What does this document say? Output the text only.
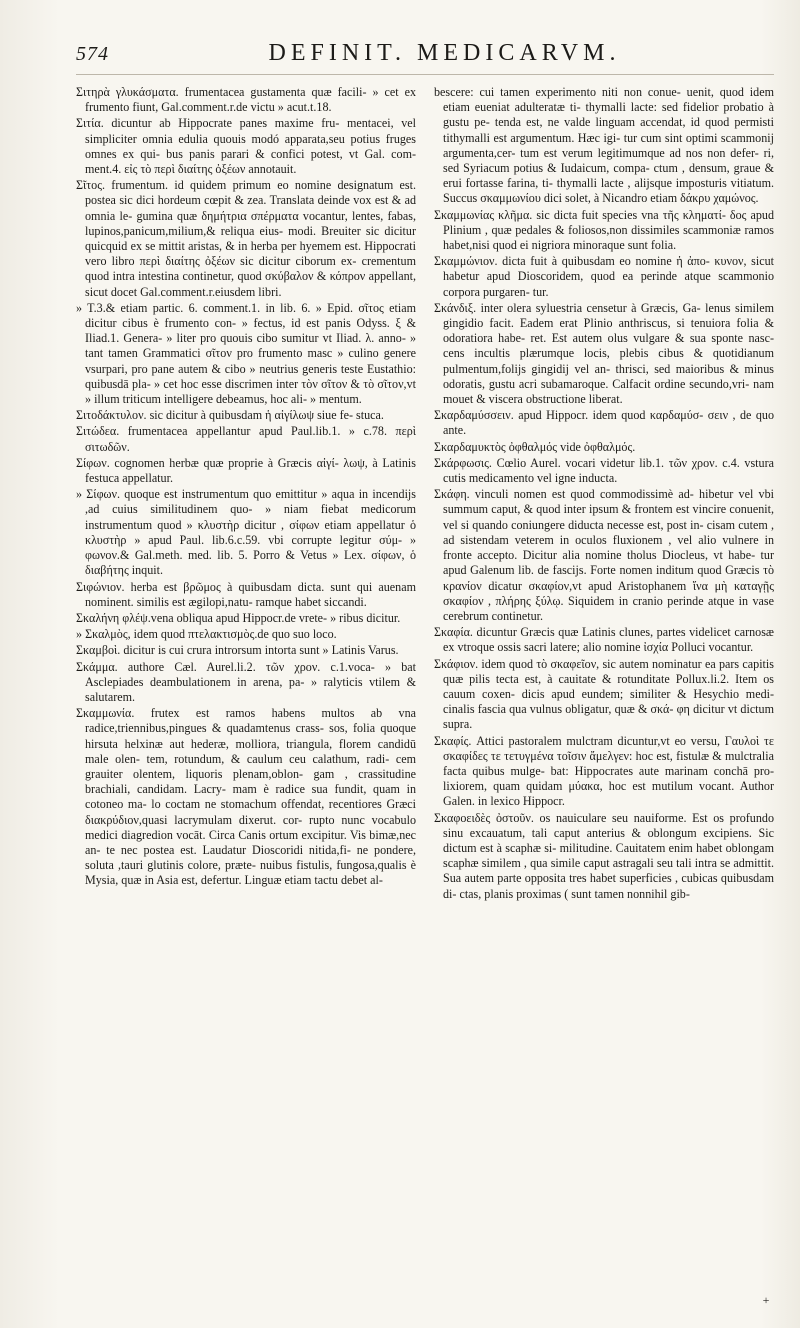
574	DEFINIT. MEDICARVM.

Σιτηρὰ γλυκάσματα. frumentacea gustamenta quæ facili- » cet ex frumento fiunt, Gal.comment.r.de victu » acut.t.18.

Σιτία. dicuntur ab Hippocrate panes maxime fru- mentacei, vel simpliciter omnia edulia quouis modó apparata,seu potius fruges omnes ex qui- bus panis parari & confici potest, vt Gal. com- ment.4. εἰς τὸ περὶ διαίτης ὀξέων annotauit.

Σῖτος. frumentum. id quidem primum eo nomine designatum est. postea sic dici hordeum cœpit & zea. Translata deinde vox est & ad omnia le- gumina quæ δημήτρια σπέρματα vocantur, lentes, fabas, lupinos,panicum,milium,& reliqua eius- modi. Breuiter sic dicitur quicquid ex se mittit aristas, & in herba per hyemem est. Hippocrati vero libro περὶ διαίτης ὀξέων sic dicitur ciborum ex- crementum quod intra intestina continetur, quod σκύβαλον & κόπρον appellant, sicut docet Gal.comment.r.eiusdem libri.

» T.3.& etiam partic. 6. comment.1. in lib. 6. » Epid. σῖτος etiam dicitur cibus è frumento con- » fectus, id est panis Odyss. ξ & Iliad.1. Genera- » liter pro quouis cibo sumitur vt Iliad. λ. anno- » tant tamen Grammatici σῖτον pro frumento masc » culino genere vsurpari, pro pane autem & cibo » neutrius generis teste Eustathio: quibusdā pla- » cet hoc esse discrimen inter τὸν σῖτον & τὸ σῖτον,vt » illum triticum intelligere debeamus, hoc ali- » mentum.

Σιτοδάκτυλον. sic dicitur à quibusdam ἡ αἰγίλωψ siue fe- stuca.

Σιτώδεα. frumentacea appellantur apud Paul.lib.1. » c.78. περὶ σιτωδῶν.

Σίφων. cognomen herbæ quæ proprie à Græcis αἰγί- λωψ, à Latinis festuca appellatur.

» Σίφων. quoque est instrumentum quo emittitur » aqua in incendijs ,ad cuius similitudinem quo- » niam fiebat medicorum instrumentum quod » κλυστὴρ dicitur , σίφων etiam appellatur ὁ κλυστὴρ » apud Paul. lib.6.c.59. vbi corrupte legitur σύμ- » φωνον.& Gal.meth. med. lib. 5. Porro & Vetus » Lex. σίφων, ὁ διαβήτης inquit.

Σιφώνιον. herba est βρῶμος à quibusdam dicta. sunt qui auenam nominent. similis est ægilopi,natu- ramque habet siccandi.

Σκαλήνη φλέψ.vena obliqua apud Hippocr.de vrete- » ribus dicitur.

» Σκαλμὸς, idem quod πτελακτισμὸς.de quo suo loco.

Σκαμβοὶ. dicitur is cui crura introrsum intorta sunt » Latinis Varus.

Σκάμμα. authore Cæl. Aurel.li.2. τῶν χρον. c.1.voca- » bat Asclepiades deambulationem in arena, pa- » ralyticis vtilem & salutarem.

Σκαμμωνία. frutex est ramos habens multos ab vna radice,triennibus,pingues & quadamtenus crass- sos, folia quoque hirsuta helxinæ aut hederæ, molliora, triangula, florem candidū male olen- tem, rotundum, & caulum ceu calathum, radi- cem grauiter olentem, liquoris plenam,oblon- gam , crassitudine brachiali, candidam. Lacry- mam è radice sua fundit, quam in cotoneo ma- lo coctam ne stomachum offendat, recentiores Græci διακρύδιον,quasi lacrymulam dixerut. cor- rupto nunc vocabulo medici diagredion vocāt. Circa Canis ortum excipitur. Vis bimæ,nec an- te nec postea est. Laudatur Dioscoridi nitida,fi- ne pondere, soluta ,tauri glutinis colore, præte- nuibus fistulis, fungosa,qualis è Mysia, quæ in Asia est, defertur. Linguæ etiam tactu debet al-

bescere: cui tamen experimento niti non conue- uenit, quod idem etiam eueniat adulteratæ ti- thymalli lacte: sed fidelior probatio à gustu pe- tenda est, ne valde linguam accendat, id quod permisti tithymalli est argumentum. Hæc igi- tur cum sint optimi scammonij argumenta,cer- tum est verum legitimumque ad nos non defer- ri, sed Syriacum potius & Iudaicum, compa- ctum , densum, graue & erui fortasse farina, ti- thymalli lacte , alijsque imposturis vitiatum. Succus σκαμμωνίου dici solet, à Nicandro etiam δάκρυ χαμώνος.

Σκαμμωνίας κλῆμα. sic dicta fuit species vna τῆς κληματί- δος apud Plinium , quæ pedales & foliosos,non dissimiles scammoniæ ramos habet,nisi quod ei nigriora minoraque sunt folia.

Σκαμμώνιον. dicta fuit à quibusdam eo nomine ἡ ἀπο- κυνον, sicut habetur apud Dioscoridem, quod ea perinde atque scammonio corpora purgaren- tur.

Σκάνδιξ. inter olera syluestria censetur à Græcis, Ga- lenus similem gingidio facit. Eadem erat Plinio anthriscus, si tenuiora folia & odoratiora habe- ret. Est autem olus vulgare & sua sponte nasc- cens incultis plærumque locis, plebis cibus & quotidianum pulmentum,folijs gingidij vel an- thrisci, sed maioribus & minus odoratis, gustu acri subamaroque. Calfacit ordine secundo,vri- nam mouet & viscera obstructione liberat.

Σκαρδαμύσσειν. apud Hippocr. idem quod καρδαμύσ- σειν , de quo ante.

Σκαρδαμυκτὸς ὀφθαλμός vide ὀφθαλμός.

Σκάρφωσις. Cœlio Aurel. vocari videtur lib.1. τῶν χρον. c.4. vstura cutis medicamento vel igne inducta.

Σκάφη. vinculi nomen est quod commodissimè ad- hibetur vel vbi summum caput, & quod inter ipsum & frontem est vincire conuenit, vel si quando coniungere diducta necesse est, post in- cisam cutem , ad sistendam veterem in oculos fluxionem , vel alio vulnere in fronte accepto. Dicitur alia nomine tholus Diocleus, vt habe- tur apud Galenum lib. de fascijs. Forte nomen inditum quod Græcis τὸ κρανίον dicatur σκαφίον,vt apud Aristophanem ἵνα μὴ καταγῇς σκαφίον , πλήρης ξύλῳ. Siquidem in cranio perinde atque in vase cerebrum continetur.

Σκαφία. dicuntur Græcis quæ Latinis clunes, partes videlicet carnosæ ex vtroque ossis sacri latere; alio nomine ἰσχία Polluci vocantur.

Σκάφιον. idem quod τὸ σκαφεῖον, sic autem nominatur ea pars capitis quæ pilis tecta est, à cauitate & rotunditate Pollux.li.2. Item os cauum coxen- dicis apud eundem; similiter & Hesychio medi- cinalis fascia qua vulnus obligatur, quæ & σκά- φη dicitur vt dictum supra.

Σκαφίς. Attici pastoralem mulctram dicuntur,vt eo versu, Γαυλοὶ τε σκαφίδες τε τετυγμένα τοῖσιν ἄμελγεν: hoc est, fistulæ & mulctralia facta quibus mulge- bat: Hippocrates aute marinam conchā pro- lixiorem, quam quidam μύακα, hoc est mutilum vocant. Author Galen. in lexico Hippocr.

Σκαφοειδὲς ὀστοῦν. os nauiculare seu nauiforme. Est os profundo sinu excauatum, tali caput anterius & oblongum excipiens. Sic dictum est à scaphæ si- militudine. Cauitatem enim habet oblongam scaphæ similem , qua simile caput astragali seu tali intra se admittit. Sua autem parte opposita tres habet superficies , cubicas quibusdam di- ctas, planis proximas ( sunt tamen nonnihil gib-

+
